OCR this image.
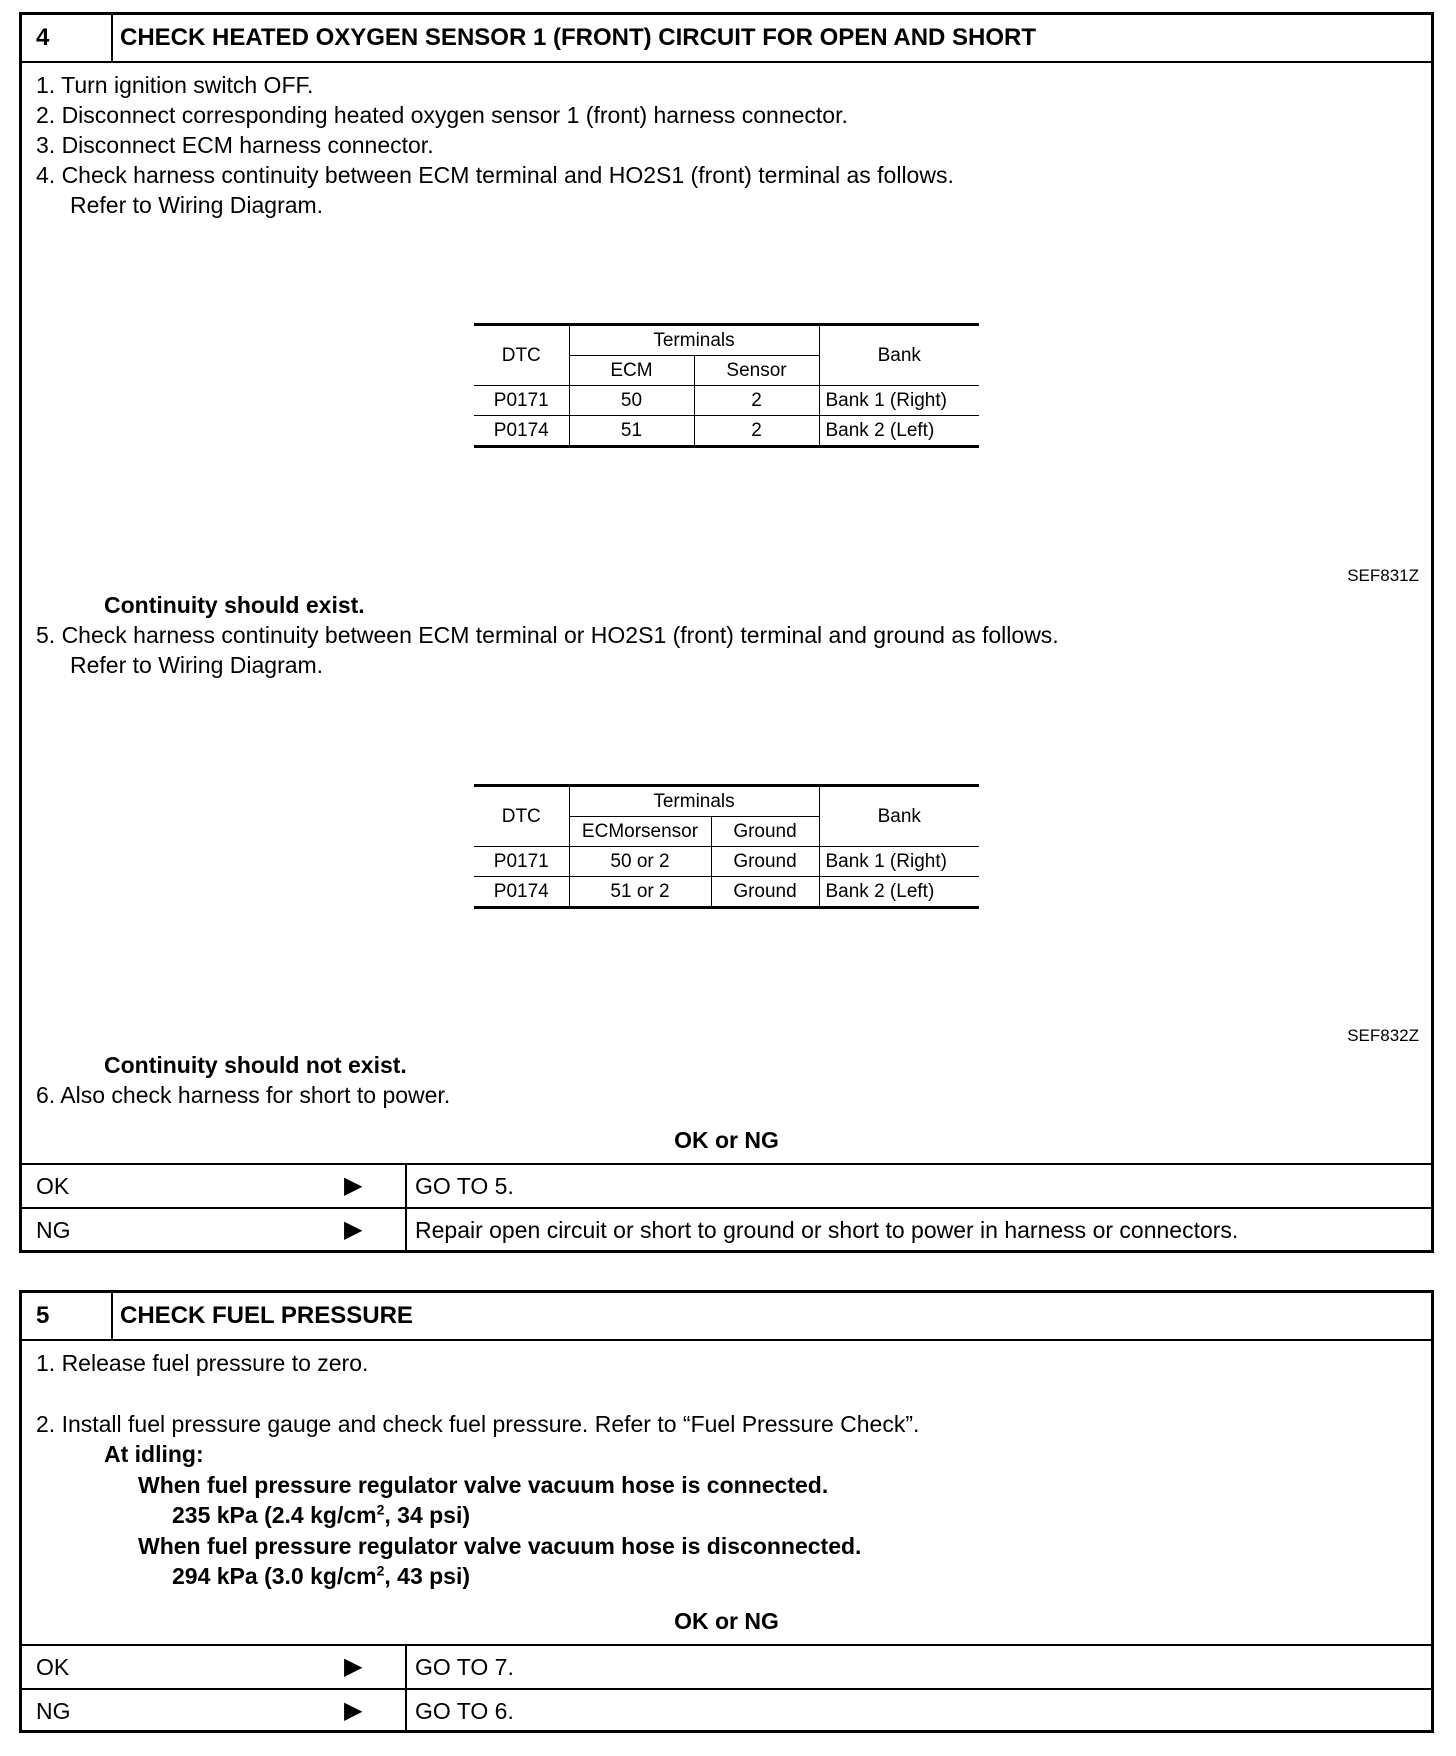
4	CHECK HEATED OXYGEN SENSOR 1 (FRONT) CIRCUIT FOR OPEN AND SHORT
1. Turn ignition switch OFF.
2. Disconnect corresponding heated oxygen sensor 1 (front) harness connector.
3. Disconnect ECM harness connector.
4. Check harness continuity between ECM terminal and HO2S1 (front) terminal as follows.
Refer to Wiring Diagram.
DTC	Terminals		Bank
	ECM	Sensor	
P0171	50	2	Bank 1 (Right)
P0174	51	2	Bank 2 (Left)
SEF831Z
Continuity should exist.
5. Check harness continuity between ECM terminal or HO2S1 (front) terminal and ground as follows.
Refer to Wiring Diagram.
DTC	Terminals		Bank
	ECMorsensor	Ground	
P0171	50 or 2	Ground	Bank 1 (Right)
P0174	51 or 2	Ground	Bank 2 (Left)
SEF832Z
Continuity should not exist.
6. Also check harness for short to power.
OK or NG
OK	▶	GO TO 5.
NG	▶	Repair open circuit or short to ground or short to power in harness or connectors.
5	CHECK FUEL PRESSURE
1. Release fuel pressure to zero.
2. Install fuel pressure gauge and check fuel pressure. Refer to “Fuel Pressure Check”.
At idling:
When fuel pressure regulator valve vacuum hose is connected.
235 kPa (2.4 $kg/cm^2$, 34 psi)
When fuel pressure regulator valve vacuum hose is disconnected.
294 kPa (3.0 $kg/cm^2$, 43 psi)
OK or NG
OK	▶	GO TO 7.
NG	▶	GO TO 6.
